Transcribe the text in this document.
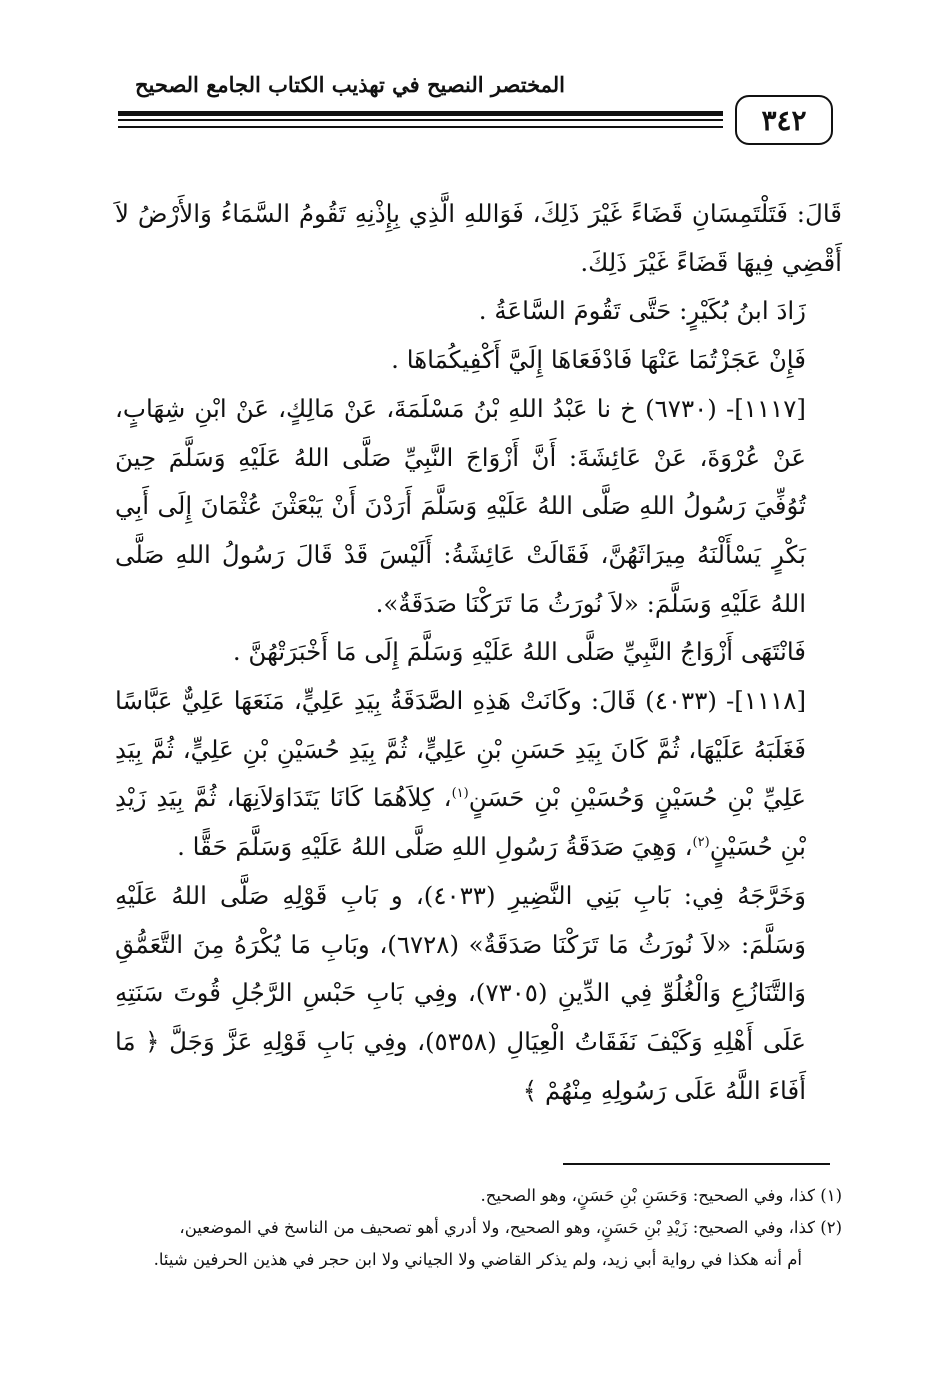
المختصر النصيح في تهذيب الكتاب الجامع الصحيح
٣٤٢

قَالَ: فَتَلْتَمِسَانِ قَضَاءً غَيْرَ ذَلِكَ، فَوَاللهِ الَّذِي بِإِذْنِهِ تَقُومُ السَّمَاءُ وَالأَرْضُ لاَ أَقْضِي فِيهَا قَضَاءً غَيْرَ ذَلِكَ.

زَادَ ابنُ بُكَيْرٍ: حَتَّى تَقُومَ السَّاعَةُ .

فَإِنْ عَجَزْتُمَا عَنْهَا فَادْفَعَاهَا إِلَيَّ أَكْفِيكُمَاهَا .

[١١١٧]- (٦٧٣٠) خ نا عَبْدُ اللهِ بْنُ مَسْلَمَةَ، عَنْ مَالِكٍ، عَنْ ابْنِ شِهَابٍ، عَنْ عُرْوَةَ، عَنْ عَائِشَةَ: أَنَّ أَزْوَاجَ النَّبِيِّ صَلَّى اللهُ عَلَيْهِ وَسَلَّمَ حِينَ تُوُفِّيَ رَسُولُ اللهِ صَلَّى اللهُ عَلَيْهِ وَسَلَّمَ أَرَدْنَ أَنْ يَبْعَثْنَ عُثْمَانَ إِلَى أَبِي بَكْرٍ يَسْأَلْنَهُ مِيرَاثَهُنَّ، فَقَالَتْ عَائِشَةُ: أَلَيْسَ قَدْ قَالَ رَسُولُ اللهِ صَلَّى اللهُ عَلَيْهِ وَسَلَّمَ: «لاَ نُورَثُ مَا تَرَكْنَا صَدَقَةٌ».

فَانْتَهَى أَزْوَاجُ النَّبِيِّ صَلَّى اللهُ عَلَيْهِ وَسَلَّمَ إِلَى مَا أَخْبَرَتْهُنَّ .

[١١١٨]- (٤٠٣٣) قَالَ: وكَانَتْ هَذِهِ الصَّدَقَةُ بِيَدِ عَلِيٍّ، مَنَعَهَا عَلِيٌّ عَبَّاسًا فَغَلَبَهُ عَلَيْهَا، ثُمَّ كَانَ بِيَدِ حَسَنِ بْنِ عَلِيٍّ، ثُمَّ بِيَدِ حُسَيْنِ بْنِ عَلِيٍّ، ثُمَّ بِيَدِ عَلِيِّ بْنِ حُسَيْنٍ وَحُسَيْنِ بْنِ حَسَنٍ$^{(١)}$، كِلاَهُمَا كَانَا يَتَدَاوَلاَنِهَا، ثُمَّ بِيَدِ زَيْدِ بْنِ حُسَيْنٍ$^{(٢)}$، وَهِيَ صَدَقَةُ رَسُولِ اللهِ صَلَّى اللهُ عَلَيْهِ وَسَلَّمَ حَقًّا .

وَخَرَّجَهُ فِي: بَابِ بَنِي النَّضِيرِ (٤٠٣٣)، و بَابِ قَوْلِهِ صَلَّى اللهُ عَلَيْهِ وَسَلَّمَ: «لاَ نُورَثُ مَا تَرَكْنَا صَدَقَةٌ» (٦٧٢٨)، وبَابِ مَا يُكْرَهُ مِنَ التَّعَمُّقِ وَالتَّنَازُعِ وَالْغُلُوِّ فِي الدِّينِ (٧٣٠٥)، وفِي بَابِ حَبْسِ الرَّجُلِ قُوتَ سَنَتِهِ عَلَى أَهْلِهِ وَكَيْفَ نَفَقَاتُ الْعِيَالِ (٥٣٥٨)، وفِي بَابِ قَوْلِهِ عَزَّ وَجَلَّ ﴿ مَا أَفَاءَ اللَّهُ عَلَى رَسُولِهِ مِنْهُمْ ﴾

(١) كذا، وفي الصحيح: وَحَسَنِ بْنِ حَسَنٍ، وهو الصحيح.

(٢) كذا، وفي الصحيح: زَيْدِ بْنِ حَسَنٍ، وهو الصحيح، ولا أدري أهو تصحيف من الناسخ في الموضعين،

أم أنه هكذا في رواية أبي زيد، ولم يذكر القاضي ولا الجياني ولا ابن حجر في هذين الحرفين شيئا.
